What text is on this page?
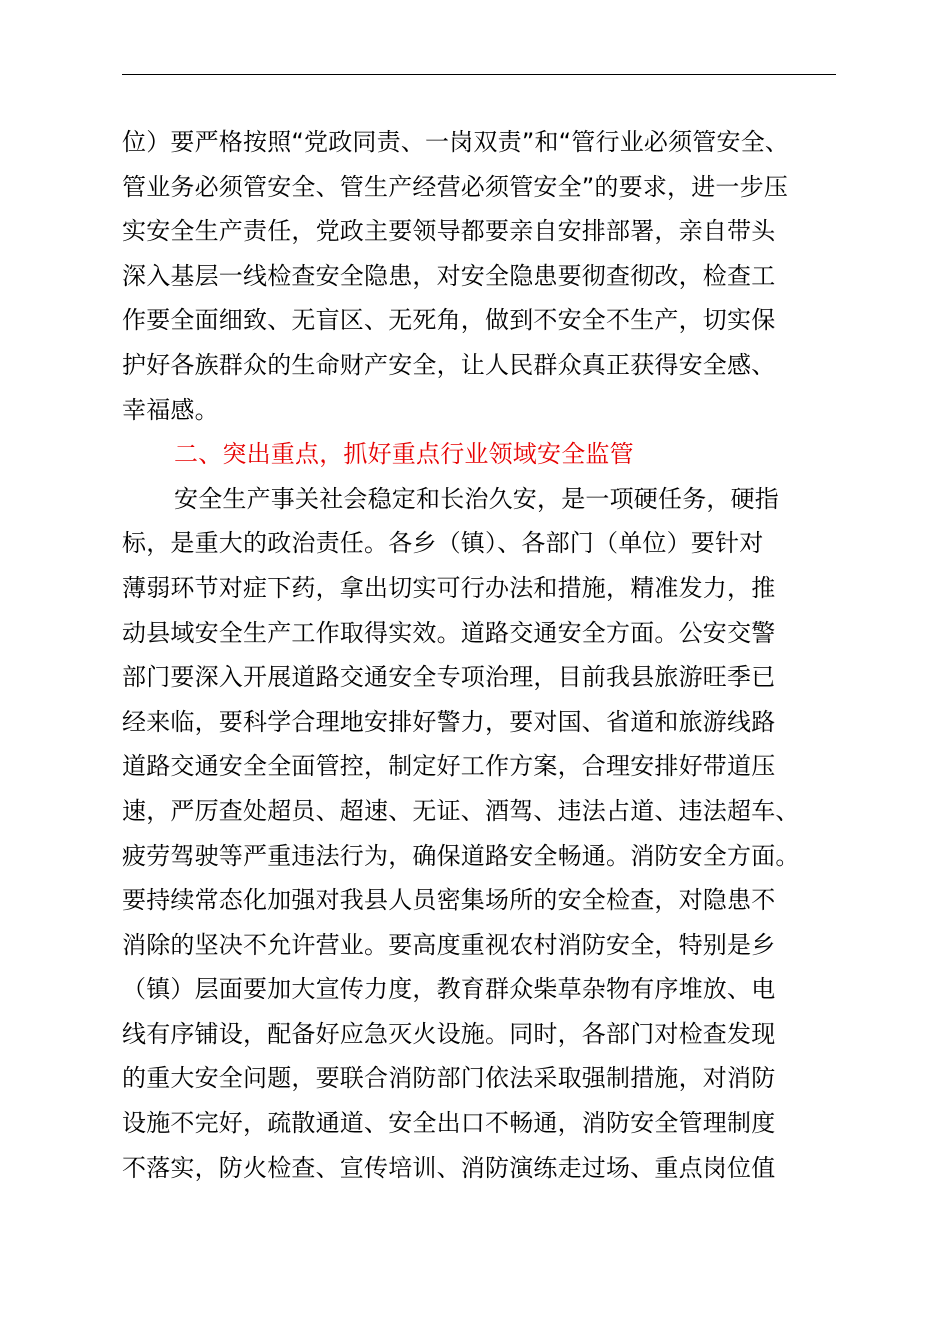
位）要严格按照“党政同责、一岗双责”和“管行业必须管安全、
管业务必须管安全、管生产经营必须管安全”的要求，进一步压
实安全生产责任，党政主要领导都要亲自安排部署，亲自带头
深入基层一线检查安全隐患，对安全隐患要彻查彻改，检查工
作要全面细致、无盲区、无死角，做到不安全不生产，切实保
护好各族群众的生命财产安全，让人民群众真正获得安全感、
幸福感。
二、突出重点，抓好重点行业领域安全监管
安全生产事关社会稳定和长治久安，是一项硬任务，硬指
标，是重大的政治责任。各乡（镇）、各部门（单位）要针对
薄弱环节对症下药，拿出切实可行办法和措施，精准发力，推
动县域安全生产工作取得实效。道路交通安全方面。公安交警
部门要深入开展道路交通安全专项治理，目前我县旅游旺季已
经来临，要科学合理地安排好警力，要对国、省道和旅游线路
道路交通安全全面管控，制定好工作方案，合理安排好带道压
速，严厉查处超员、超速、无证、酒驾、违法占道、违法超车、
疲劳驾驶等严重违法行为，确保道路安全畅通。消防安全方面。
要持续常态化加强对我县人员密集场所的安全检查，对隐患不
消除的坚决不允许营业。要高度重视农村消防安全，特别是乡
（镇）层面要加大宣传力度，教育群众柴草杂物有序堆放、电
线有序铺设，配备好应急灭火设施。同时，各部门对检查发现
的重大安全问题，要联合消防部门依法采取强制措施，对消防
设施不完好，疏散通道、安全出口不畅通，消防安全管理制度
不落实，防火检查、宣传培训、消防演练走过场、重点岗位值
